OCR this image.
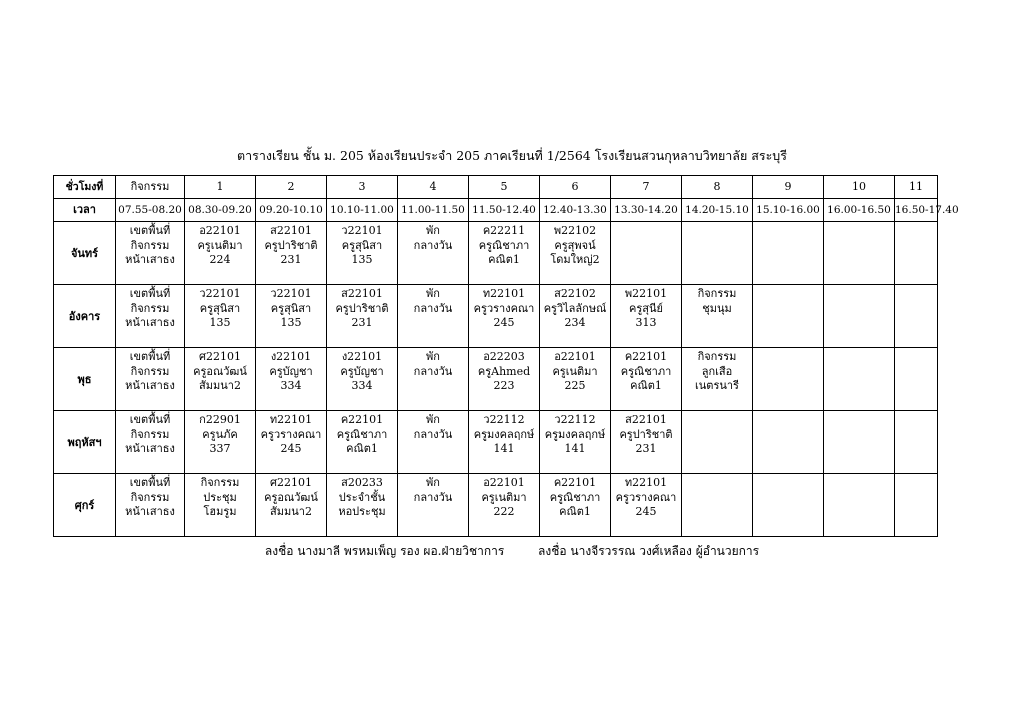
ตารางเรียน ชั้น ม. 205 ห้องเรียนประจำ 205 ภาคเรียนที่ 1/2564 โรงเรียนสวนกุหลาบวิทยาลัย สระบุรี
ชั่วโมงที่	กิจกรรม	1	2	3	4	5	6	7	8	9	10	11
เวลา	07.55-08.20	08.30-09.20	09.20-10.10	10.10-11.00	11.00-11.50	11.50-12.40	12.40-13.30	13.30-14.20	14.20-15.10	15.10-16.00	16.00-16.50	16.50-17.40
จันทร์	เขตพื้นที่
กิจกรรม
หน้าเสาธง	อ22101
ครูเนติมา
224	ส22101
ครูปาริชาติ
231	ว22101
ครูสุนิสา
135	พัก
กลางวัน	ค22211
ครูณิชาภา
คณิต1	พ22102
ครูสุพจน์
โดมใหญ่2					

อังคาร	เขตพื้นที่
กิจกรรม
หน้าเสาธง	ว22101
ครูสุนิสา
135	ว22101
ครูสุนิสา
135	ส22101
ครูปาริชาติ
231	พัก
กลางวัน	ท22101
ครูวรางคณา
245	ส22102
ครูวิไลลักษณ์
234	พ22101
ครูสุนีย์
313	กิจกรรม
ชุมนุม			

พุธ	เขตพื้นที่
กิจกรรม
หน้าเสาธง	ศ22101
ครูอณวัฒน์
สัมมนา2	ง22101
ครูบัญชา
334	ง22101
ครูบัญชา
334	พัก
กลางวัน	อ22203
ครูAhmed
223	อ22101
ครูเนติมา
225	ค22101
ครูณิชาภา
คณิต1	กิจกรรม
ลูกเสือ
เนตรนารี			

พฤหัสฯ	เขตพื้นที่
กิจกรรม
หน้าเสาธง	ก22901
ครูนภัค
337	ท22101
ครูวรางคณา
245	ค22101
ครูณิชาภา
คณิต1	พัก
กลางวัน	ว22112
ครูมงคลฤกษ์
141	ว22112
ครูมงคลฤกษ์
141	ส22101
ครูปาริชาติ
231				

ศุกร์	เขตพื้นที่
กิจกรรม
หน้าเสาธง	กิจกรรม
ประชุม
โฮมรูม	ศ22101
ครูอณวัฒน์
สัมมนา2	ส20233
ประจำชั้น
หอประชุม	พัก
กลางวัน	อ22101
ครูเนติมา
222	ค22101
ครูณิชาภา
คณิต1	ท22101
ครูวรางคณา
245				

ลงชื่อ นางมาลี พรหมเพ็ญ รอง ผอ.ฝ่ายวิชาการ	ลงชื่อ นางจีรวรรณ วงศ์เหลือง ผู้อำนวยการ
